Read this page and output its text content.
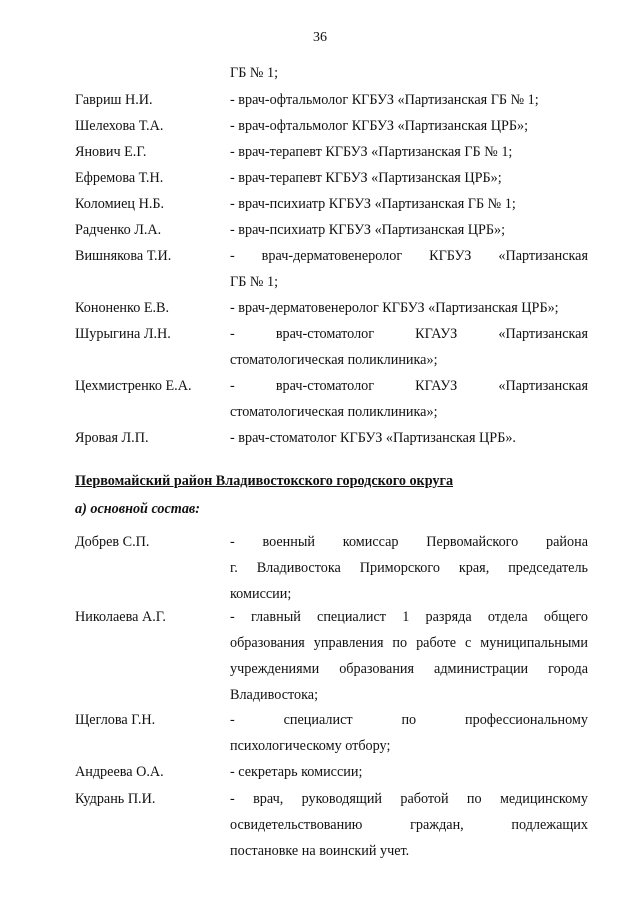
36
ГБ № 1;
Гавриш Н.И.	- врач-офтальмолог КГБУЗ «Партизанская ГБ № 1;
Шелехова Т.А.	- врач-офтальмолог КГБУЗ «Партизанская ЦРБ»;
Янович Е.Г.	- врач-терапевт КГБУЗ «Партизанская ГБ № 1;
Ефремова Т.Н.	- врач-терапевт КГБУЗ «Партизанская ЦРБ»;
Коломиец Н.Б.	- врач-психиатр КГБУЗ «Партизанская ГБ № 1;
Радченко Л.А.	- врач-психиатр КГБУЗ «Партизанская ЦРБ»;
Вишнякова Т.И.	- врач-дерматовенеролог КГБУЗ «Партизанская
ГБ № 1;
Кононенко Е.В.	- врач-дерматовенеролог КГБУЗ «Партизанская ЦРБ»;
Шурыгина Л.Н.	- врач-стоматолог КГАУЗ «Партизанская
стоматологическая поликлиника»;
Цехмистренко Е.А.	- врач-стоматолог КГАУЗ «Партизанская
стоматологическая поликлиника»;
Яровая Л.П.	- врач-стоматолог КГБУЗ «Партизанская ЦРБ».
Первомайский район Владивостокского городского округа
а) основной состав:
Добрев С.П.	- военный комиссар Первомайского района
г. Владивостока Приморского края, председатель
комиссии;
Николаева А.Г.	- главный специалист 1 разряда отдела общего
образования управления по работе с муниципальными
учреждениями образования администрации города
Владивостока;
Щеглова Г.Н.	- специалист по профессиональному
психологическому отбору;
Андреева О.А.	- секретарь комиссии;
Кудрань П.И.	- врач, руководящий работой по медицинскому
освидетельствованию граждан, подлежащих
постановке на воинский учет.
